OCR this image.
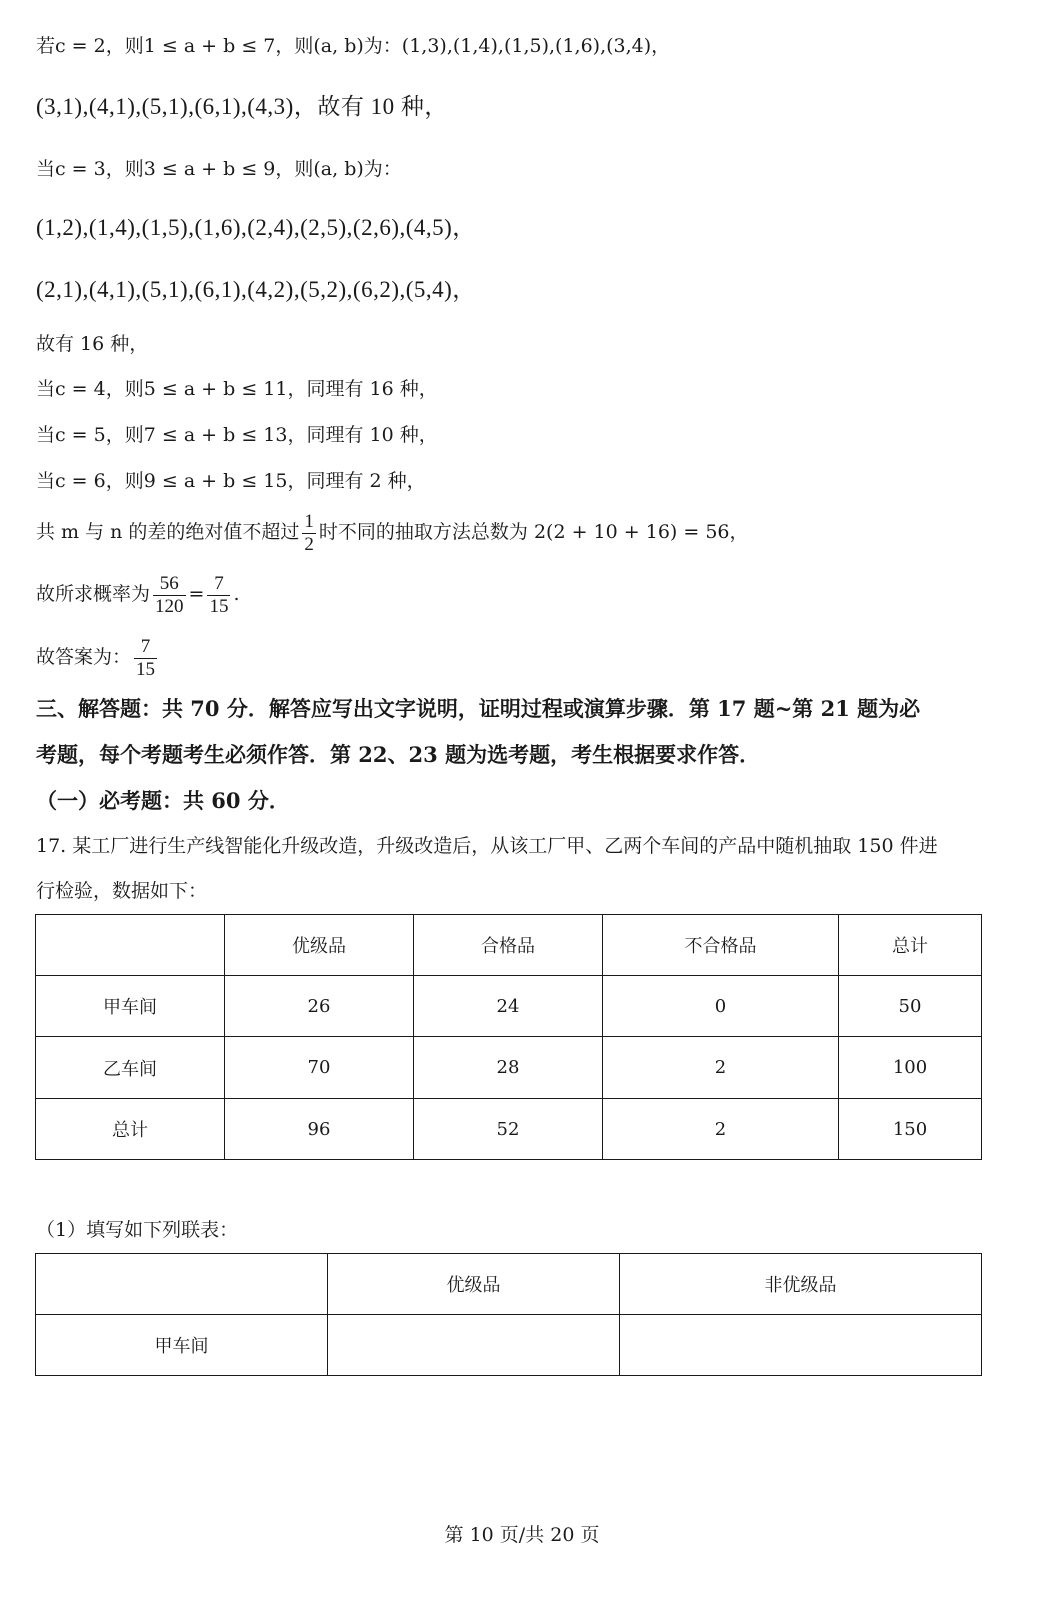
若c = 2，则1 ≤ a + b ≤ 7，则(a, b)为：(1,3),(1,4),(1,5),(1,6),(3,4)，
(3,1),(4,1),(5,1),(6,1),(4,3)，故有 10 种，
当c = 3，则3 ≤ a + b ≤ 9，则(a, b)为：
(1,2),(1,4),(1,5),(1,6),(2,4),(2,5),(2,6),(4,5)，
(2,1),(4,1),(5,1),(6,1),(4,2),(5,2),(6,2),(5,4)，
故有 16 种，
当c = 4，则5 ≤ a + b ≤ 11，同理有 16 种，
当c = 5，则7 ≤ a + b ≤ 13，同理有 10 种，
当c = 6，则9 ≤ a + b ≤ 15，同理有 2 种，
共 m 与 n 的差的绝对值不超过 $\frac{1}{2}$ 时不同的抽取方法总数为 2(2 + 10 + 16) = 56，
故所求概率为 $\frac{56}{120} = \frac{7}{15}$ .
故答案为： $\frac{7}{15}$
三、解答题：共 70 分．解答应写出文字说明，证明过程或演算步骤．第 17 题~第 21 题为必
考题，每个考题考生必须作答．第 22、23 题为选考题，考生根据要求作答．
（一）必考题：共 60 分．
17. 某工厂进行生产线智能化升级改造，升级改造后，从该工厂甲、乙两个车间的产品中随机抽取 150 件进
行检验，数据如下：
	优级品	合格品	不合格品	总计
甲车间	26	24	0	50
乙车间	70	28	2	100
总计	96	52	2	150
（1）填写如下列联表：
	优级品	非优级品
甲车间		
第 10 页/共 20 页
